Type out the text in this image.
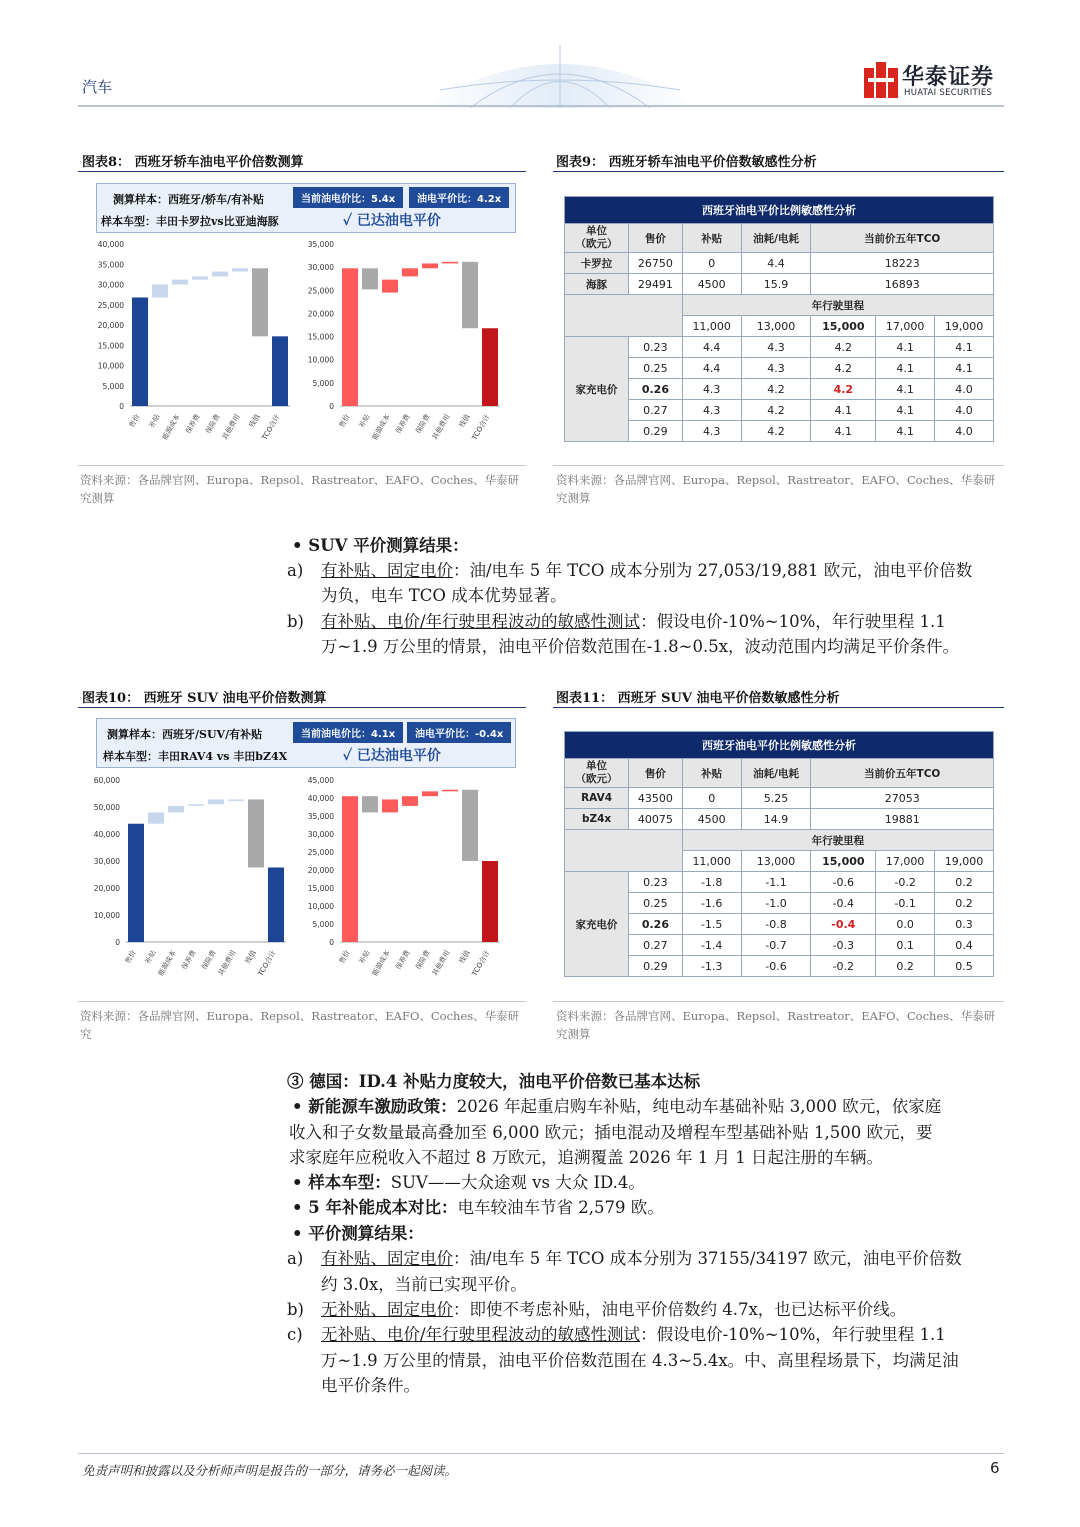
汽车	华泰证券
HUATAI SECURITIES
图表8： 西班牙轿车油电平价倍数测算
测算样本：西班牙/轿车/有补贴	当前油电价比：5.4x	油电平价比：4.2x
样本车型：丰田卡罗拉vs比亚迪海豚	✓ 已达油电平价
40,000
35,000
30,000
25,000
20,000
15,000
10,000
5,000
0
售价 补贴 能源成本 保养费 保险费 其他费用 残值
TCO合计
35,000
30,000
25,000
20,000
15,000
10,000
5,000
0
售价 补贴 能源成本 保养费 保险费 其他费用 残值
TCO合计
资料来源：各品牌官网、Europa、Repsol、Rastreator、EAFO、Coches、华泰研究测算
图表9： 西班牙轿车油电平价倍数敏感性分析
西班牙油电平价比例敏感性分析						
单位
（欧元）	售价	补贴	油耗/电耗	当前价五年TCO		
卡罗拉	26750	0	4.4	18223		
海豚	29491	4500	15.9	16893		
		年行驶里程				
		11,000	13,000	15,000	17,000	19,000
家充电价	0.23	4.4	4.3	4.2	4.1	4.1
	0.25	4.4	4.3	4.2	4.1	4.1
	0.26	4.3	4.2	4.2	4.1	4.0
	0.27	4.3	4.2	4.1	4.1	4.0
	0.29	4.3	4.2	4.1	4.1	4.0
资料来源：各品牌官网、Europa、Repsol、Rastreator、EAFO、Coches、华泰研究测算
• SUV 平价测算结果：
a) 有补贴、固定电价：油/电车 5 年 TCO 成本分别为 27,053/19,881 欧元，油电平价倍数
为负，电车 TCO 成本优势显著。
b) 有补贴、电价/年行驶里程波动的敏感性测试：假设电价-10%~10%，年行驶里程 1.1
万~1.9 万公里的情景，油电平价倍数范围在-1.8~0.5x，波动范围内均满足平价条件。
图表10： 西班牙 SUV 油电平价倍数测算
测算样本：西班牙/SUV/有补贴	当前油电价比：4.1x	油电平价比：-0.4x
样本车型：丰田RAV4 vs 丰田bZ4X	✓ 已达油电平价
60,000
50,000
40,000
30,000
20,000
10,000
0
售价 补贴 能源成本 保养费 保险费 其他费用 残值
TCO合计
45,000
40,000
35,000
30,000
25,000
20,000
15,000
10,000
5,000
0
售价 补贴 能源成本 保养费 保险费 其他费用 残值
TCO合计
资料来源：各品牌官网、Europa、Repsol、Rastreator、EAFO、Coches、华泰研究
图表11： 西班牙 SUV 油电平价倍数敏感性分析
西班牙油电平价比例敏感性分析						
单位
（欧元）	售价	补贴	油耗/电耗	当前价五年TCO		
RAV4	43500	0	5.25	27053		
bZ4x	40075	4500	14.9	19881		
		年行驶里程				
		11,000	13,000	15,000	17,000	19,000
家充电价	0.23	-1.8	-1.1	-0.6	-0.2	0.2
	0.25	-1.6	-1.0	-0.4	-0.1	0.2
	0.26	-1.5	-0.8	-0.4	0.0	0.3
	0.27	-1.4	-0.7	-0.3	0.1	0.4
	0.29	-1.3	-0.6	-0.2	0.2	0.5
资料来源：各品牌官网、Europa、Repsol、Rastreator、EAFO、Coches、华泰研究测算
③ 德国：ID.4 补贴力度较大，油电平价倍数已基本达标
• 新能源车激励政策：2026 年起重启购车补贴，纯电动车基础补贴 3,000 欧元，依家庭
收入和子女数量最高叠加至 6,000 欧元；插电混动及增程车型基础补贴 1,500 欧元，要
求家庭年应税收入不超过 8 万欧元，追溯覆盖 2026 年 1 月 1 日起注册的车辆。
• 样本车型：SUV——大众途观 vs 大众 ID.4。
• 5 年补能成本对比：电车较油车节省 2,579 欧。
• 平价测算结果：
a) 有补贴、固定电价：油/电车 5 年 TCO 成本分别为 37155/34197 欧元，油电平价倍数
约 3.0x，当前已实现平价。
b) 无补贴、固定电价：即使不考虑补贴，油电平价倍数约 4.7x，也已达标平价线。
c) 无补贴、电价/年行驶里程波动的敏感性测试：假设电价-10%~10%，年行驶里程 1.1
万~1.9 万公里的情景，油电平价倍数范围在 4.3~5.4x。中、高里程场景下，均满足油
电平价条件。
免责声明和披露以及分析师声明是报告的一部分，请务必一起阅读。	6
